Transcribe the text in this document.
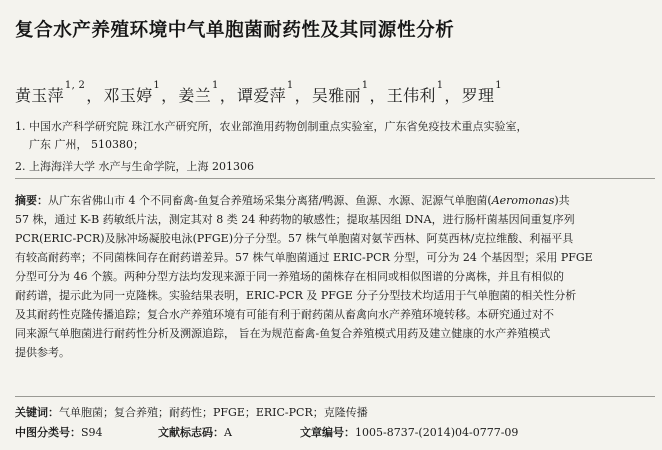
复合水产养殖环境中气单胞菌耐药性及其同源性分析
黄玉萍$^{1, 2}$，邓玉婷$^1$，姜兰$^1$，谭爱萍$^1$，吴雅丽$^1$，王伟利$^1$，罗理$^1$
1. 中国水产科学研究院 珠江水产研究所，农业部渔用药物创制重点实验室，广东省免疫技术重点实验室，
广东 广州， 510380；
2. 上海海洋大学 水产与生命学院，上海 201306
摘要：从广东省佛山市 4 个不同畜禽-鱼复合养殖场采集分离猪/鸭源、鱼源、水源、泥源气单胞菌(Aeromonas)共
57 株，通过 K-B 药敏纸片法，测定其对 8 类 24 种药物的敏感性；提取基因组 DNA，进行肠杆菌基因间重复序列
PCR(ERIC-PCR)及脉冲场凝胶电泳(PFGE)分子分型。57 株气单胞菌对氨苄西林、阿莫西林/克拉维酸、利福平具
有较高耐药率；不同菌株间存在耐药谱差异。57 株气单胞菌通过 ERIC-PCR 分型，可分为 24 个基因型；采用 PFGE
分型可分为 46 个簇。两种分型方法均发现来源于同一养殖场的菌株存在相同或相似图谱的分离株，并且有相似的
耐药谱，提示此为同一克隆株。实验结果表明，ERIC-PCR 及 PFGE 分子分型技术均适用于气单胞菌的相关性分析
及其耐药性克隆传播追踪；复合水产养殖环境有可能有利于耐药菌从畜禽向水产养殖环境转移。本研究通过对不
同来源气单胞菌进行耐药性分析及溯源追踪， 旨在为规范畜禽-鱼复合养殖模式用药及建立健康的水产养殖模式
提供参考。
关键词：气单胞菌；复合养殖；耐药性；PFGE；ERIC-PCR；克隆传播
中图分类号：S94	文献标志码：A	文章编号：1005-8737-(2014)04-0777-09
